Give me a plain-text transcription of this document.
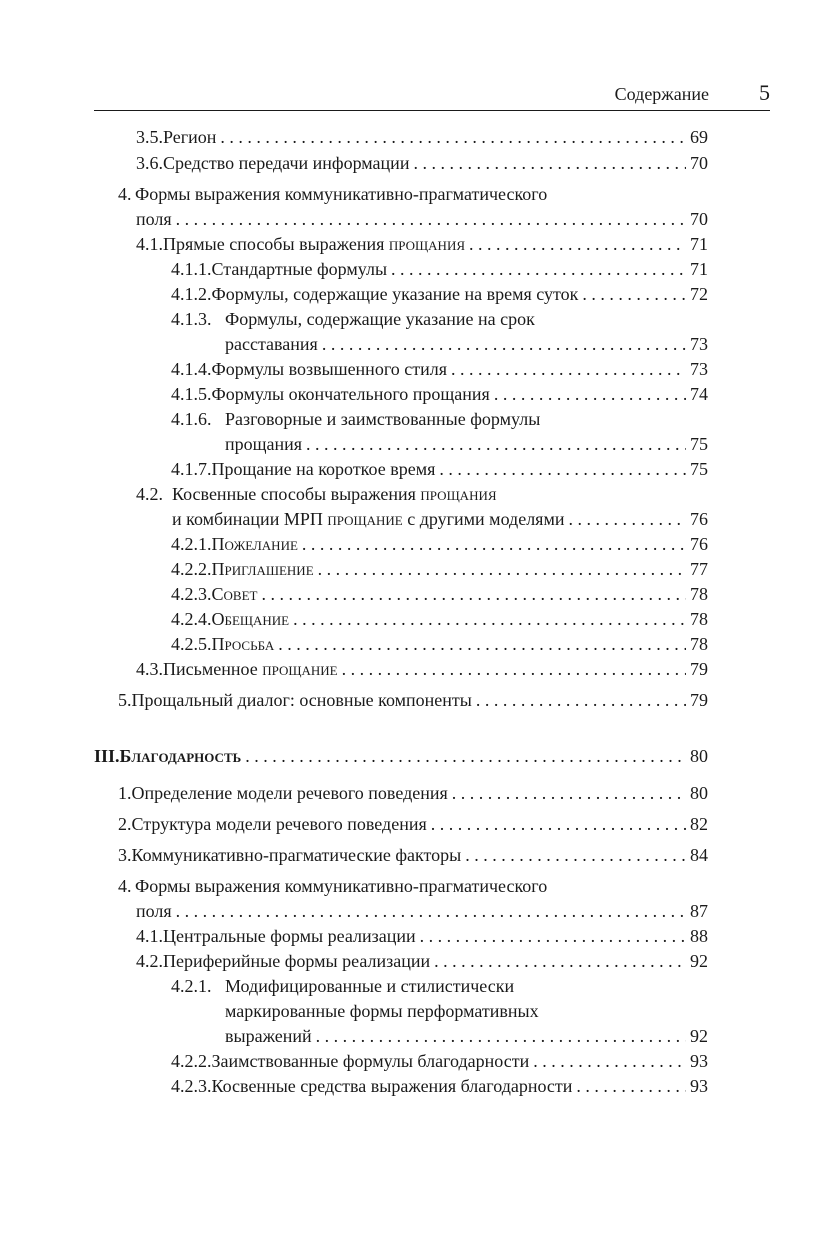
Содержание 5
3.5. Регион . . .	69
3.6. Средство передачи информации . . .	70
4. Формы выражения коммуникативно-прагматического
поля . . .	70
4.1. Прямые способы выражения прощания . . .	71
4.1.1. Стандартные формулы . . .	71
4.1.2. Формулы, содержащие указание на время суток . . .	72
4.1.3. Формулы, содержащие указание на срок
расставания . . .	73
4.1.4. Формулы возвышенного стиля . . .	73
4.1.5. Формулы окончательного прощания . . .	74
4.1.6. Разговорные и заимствованные формулы
прощания . . .	75
4.1.7. Прощание на короткое время . . .	75
4.2. Косвенные способы выражения прощания
и комбинации МРП прощание с другими моделями . . .	76
4.2.1. Пожелание . . .	76
4.2.2. Приглашение . . .	77
4.2.3. Совет . . .	78
4.2.4. Обещание . . .	78
4.2.5. Просьба . . .	78
4.3. Письменное прощание . . .	79
5. Прощальный диалог: основные компоненты . . .	79
III. Благодарность . . .	80
1. Определение модели речевого поведения . . .	80
2. Структура модели речевого поведения . . .	82
3. Коммуникативно-прагматические факторы . . .	84
4. Формы выражения коммуникативно-прагматического
поля . . .	87
4.1. Центральные формы реализации . . .	88
4.2. Периферийные формы реализации . . .	92
4.2.1. Модифицированные и стилистически
маркированные формы перформативных
выражений . . .	92
4.2.2. Заимствованные формулы благодарности . . .	93
4.2.3. Косвенные средства выражения благодарности . . .	93
